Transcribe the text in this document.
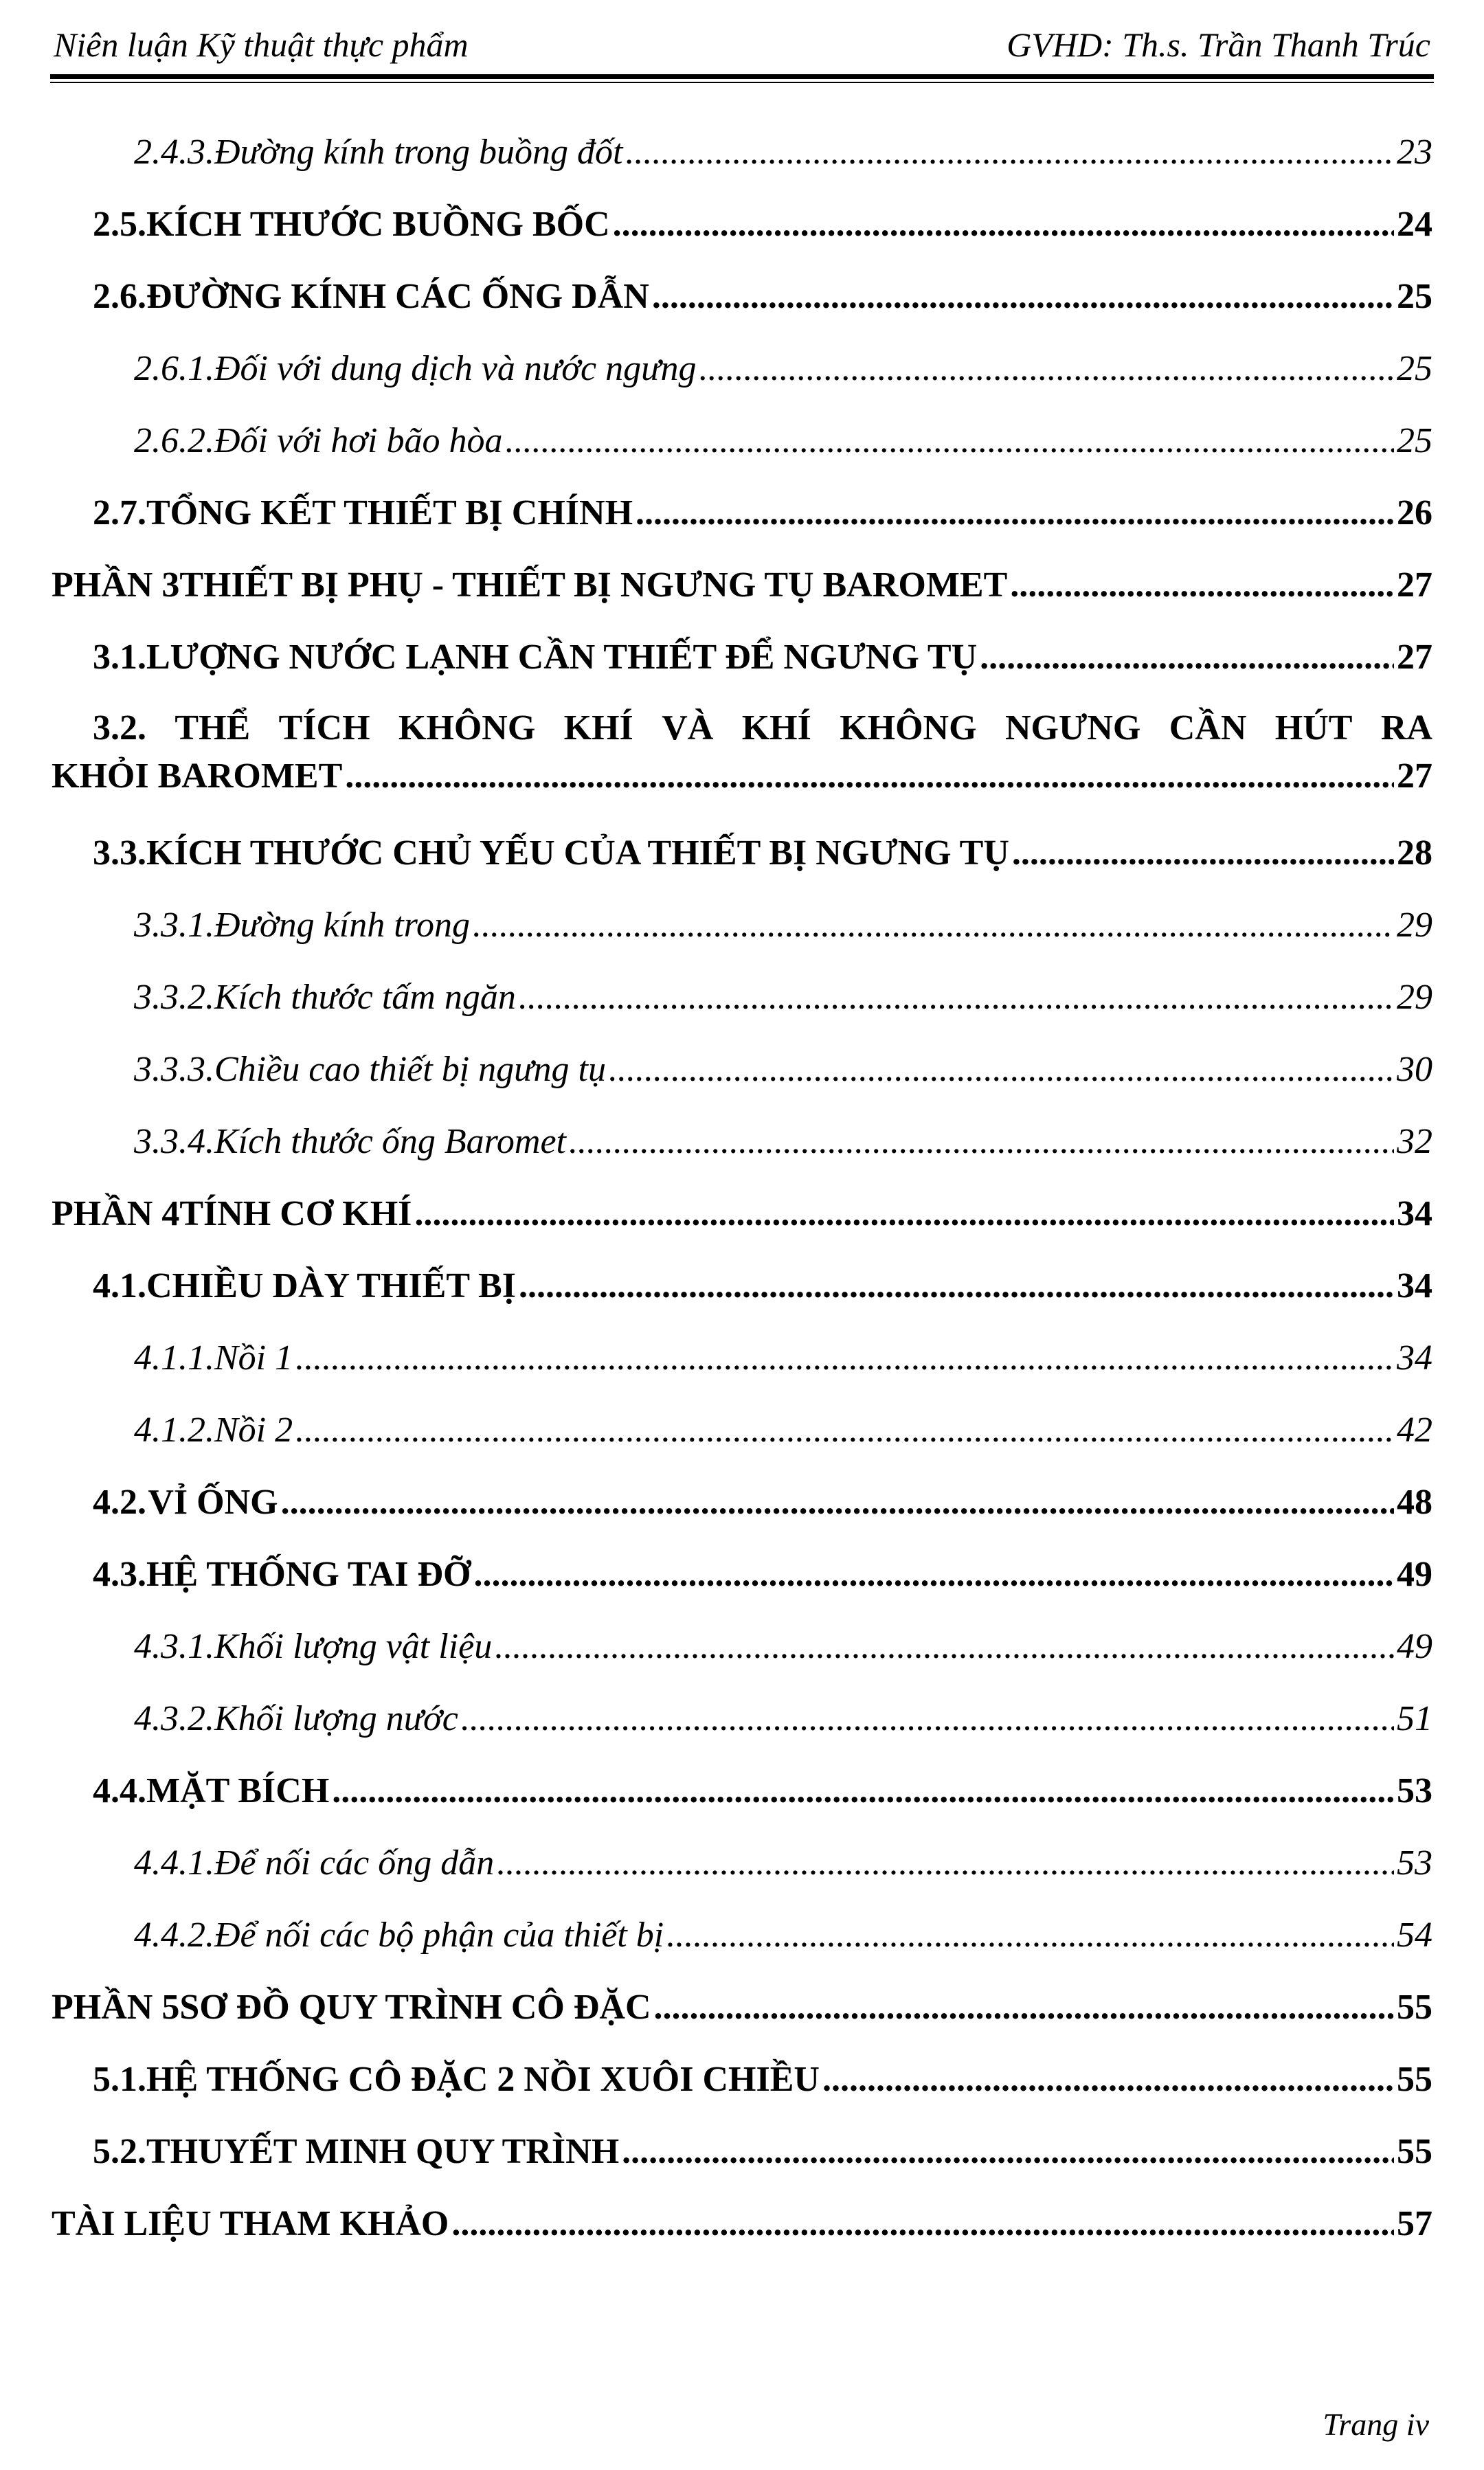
Niên luận Kỹ thuật thực phẩm	GVHD: Th.s. Trần Thanh Trúc
2.4.3. Đường kính trong buồng đốt .....	23
2.5. KÍCH THƯỚC BUỒNG BỐC .....	24
2.6. ĐƯỜNG KÍNH CÁC ỐNG DẪN .....	25
2.6.1. Đối với dung dịch và nước ngưng .....	25
2.6.2. Đối với hơi bão hòa .....	25
2.7. TỔNG KẾT THIẾT BỊ CHÍNH .....	26
PHẦN 3 THIẾT BỊ PHỤ - THIẾT BỊ NGƯNG TỤ BAROMET .....	27
3.1. LƯỢNG NƯỚC LẠNH CẦN THIẾT ĐỂ NGƯNG TỤ .....	27
3.2. THỂ TÍCH KHÔNG KHÍ VÀ KHÍ KHÔNG NGƯNG CẦN HÚT RA
KHỎI BAROMET .....	27
3.3. KÍCH THƯỚC CHỦ YẾU CỦA THIẾT BỊ NGƯNG TỤ .....	28
3.3.1. Đường kính trong .....	29
3.3.2. Kích thước tấm ngăn .....	29
3.3.3. Chiều cao thiết bị ngưng tụ .....	30
3.3.4. Kích thước ống Baromet .....	32
PHẦN 4 TÍNH CƠ KHÍ .....	34
4.1. CHIỀU DÀY THIẾT BỊ .....	34
4.1.1. Nồi 1 .....	34
4.1.2. Nồi 2 .....	42
4.2. VỈ ỐNG .....	48
4.3. HỆ THỐNG TAI ĐỠ .....	49
4.3.1. Khối lượng vật liệu .....	49
4.3.2. Khối lượng nước .....	51
4.4. MẶT BÍCH .....	53
4.4.1. Để nối các ống dẫn .....	53
4.4.2. Để nối các bộ phận của thiết bị .....	54
PHẦN 5 SƠ ĐỒ QUY TRÌNH CÔ ĐẶC .....	55
5.1. HỆ THỐNG CÔ ĐẶC 2 NỒI XUÔI CHIỀU .....	55
5.2. THUYẾT MINH QUY TRÌNH .....	55
TÀI LIỆU THAM KHẢO .....	57
Trang iv
